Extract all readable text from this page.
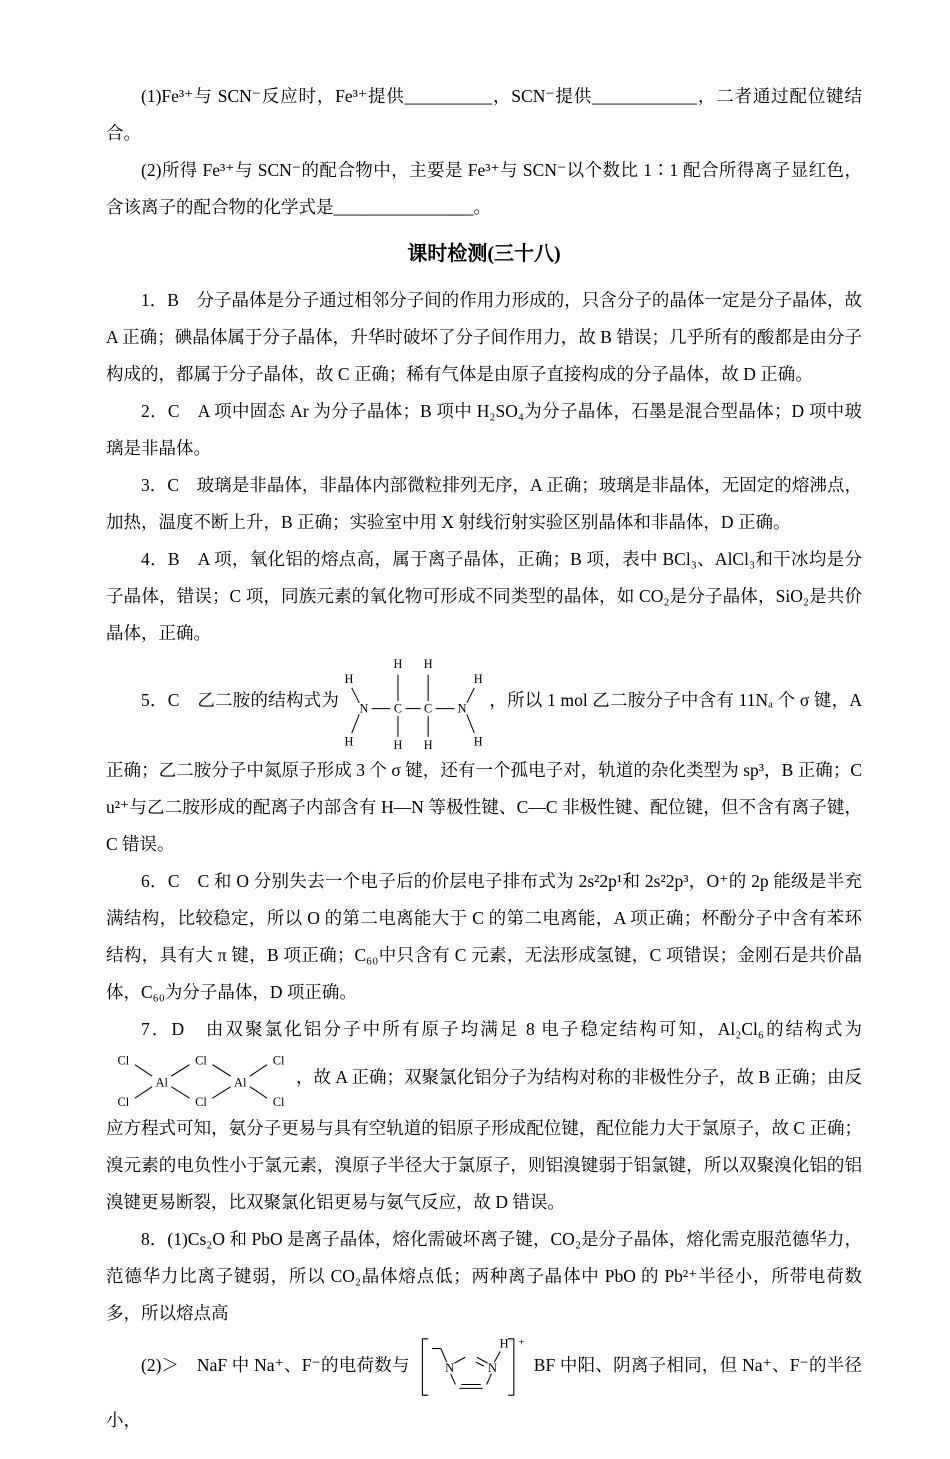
(1)Fe³⁺与 SCN⁻反应时，Fe³⁺提供__________，SCN⁻提供____________，二者通过配位键结合。

(2)所得 Fe³⁺与 SCN⁻的配合物中，主要是 Fe³⁺与 SCN⁻以个数比 1∶1 配合所得离子显红色，含该离子的配合物的化学式是________________。

课时检测(三十八)

1．B　分子晶体是分子通过相邻分子间的作用力形成的，只含分子的晶体一定是分子晶体，故 A 正确；碘晶体属于分子晶体，升华时破坏了分子间作用力，故 B 错误；几乎所有的酸都是由分子构成的，都属于分子晶体，故 C 正确；稀有气体是由原子直接构成的分子晶体，故 D 正确。

2．C　A 项中固态 Ar 为分子晶体；B 项中 H₂SO₄为分子晶体，石墨是混合型晶体；D 项中玻璃是非晶体。

3．C　玻璃是非晶体，非晶体内部微粒排列无序，A 正确；玻璃是非晶体，无固定的熔沸点，加热，温度不断上升，B 正确；实验室中用 X 射线衍射实验区别晶体和非晶体，D 正确。

4．B　A 项，氧化铝的熔点高，属于离子晶体，正确；B 项，表中 BCl₃、AlCl₃和干冰均是分子晶体，错误；C 项，同族元素的氧化物可形成不同类型的晶体，如 CO₂是分子晶体，SiO₂是共价晶体，正确。

5．C　乙二胺的结构式为 N C C N
H H
H H
H
H
H
H
，所以 1 mol 乙二胺分子中含有 11Nₐ 个 σ 键，A 正确；乙二胺分子中氮原子形成 3 个 σ 键，还有一个孤电子对，轨道的杂化类型为 sp³，B 正确；Cu²⁺与乙二胺形成的配离子内部含有 H—N 等极性键、C—C 非极性键、配位键，但不含有离子键，C 错误。

6．C　C 和 O 分别失去一个电子后的价层电子排布式为 2s²2p¹和 2s²2p³，O⁺的 2p 能级是半充满结构，比较稳定，所以 O 的第二电离能大于 C 的第二电离能，A 项正确；杯酚分子中含有苯环结构，具有大 π 键，B 项正确；C₆₀中只含有 C 元素，无法形成氢键，C 项错误；金刚石是共价晶体，C₆₀为分子晶体，D 项正确。

7．D　由双聚氯化铝分子中所有原子均满足 8 电子稳定结构可知，Al₂Cl₆的结构式为
Cl	Cl	Cl
Al	Al
Cl	Cl	Cl
，故 A 正确；双聚氯化铝分子为结构对称的非极性分子，故 B 正确；由反应方程式可知，氨分子更易与具有空轨道的铝原子形成配位键，配位能力大于氯原子，故 C 正确；溴元素的电负性小于氯元素，溴原子半径大于氯原子，则铝溴键弱于铝氯键，所以双聚溴化铝的铝溴键更易断裂，比双聚氯化铝更易与氨气反应，故 D 错误。

8．(1)Cs₂O 和 PbO 是离子晶体，熔化需破坏离子键，CO₂是分子晶体，熔化需克服范德华力，范德华力比离子键弱，所以 CO₂晶体熔点低；两种离子晶体中 PbO 的 Pb²⁺半径小，所带电荷数多，所以熔点高

(2)＞　NaF 中 Na⁺、F⁻的电荷数与	N	N
H +
BF 中阳、阴离子相同，但 Na⁺、F⁻的半径小，
